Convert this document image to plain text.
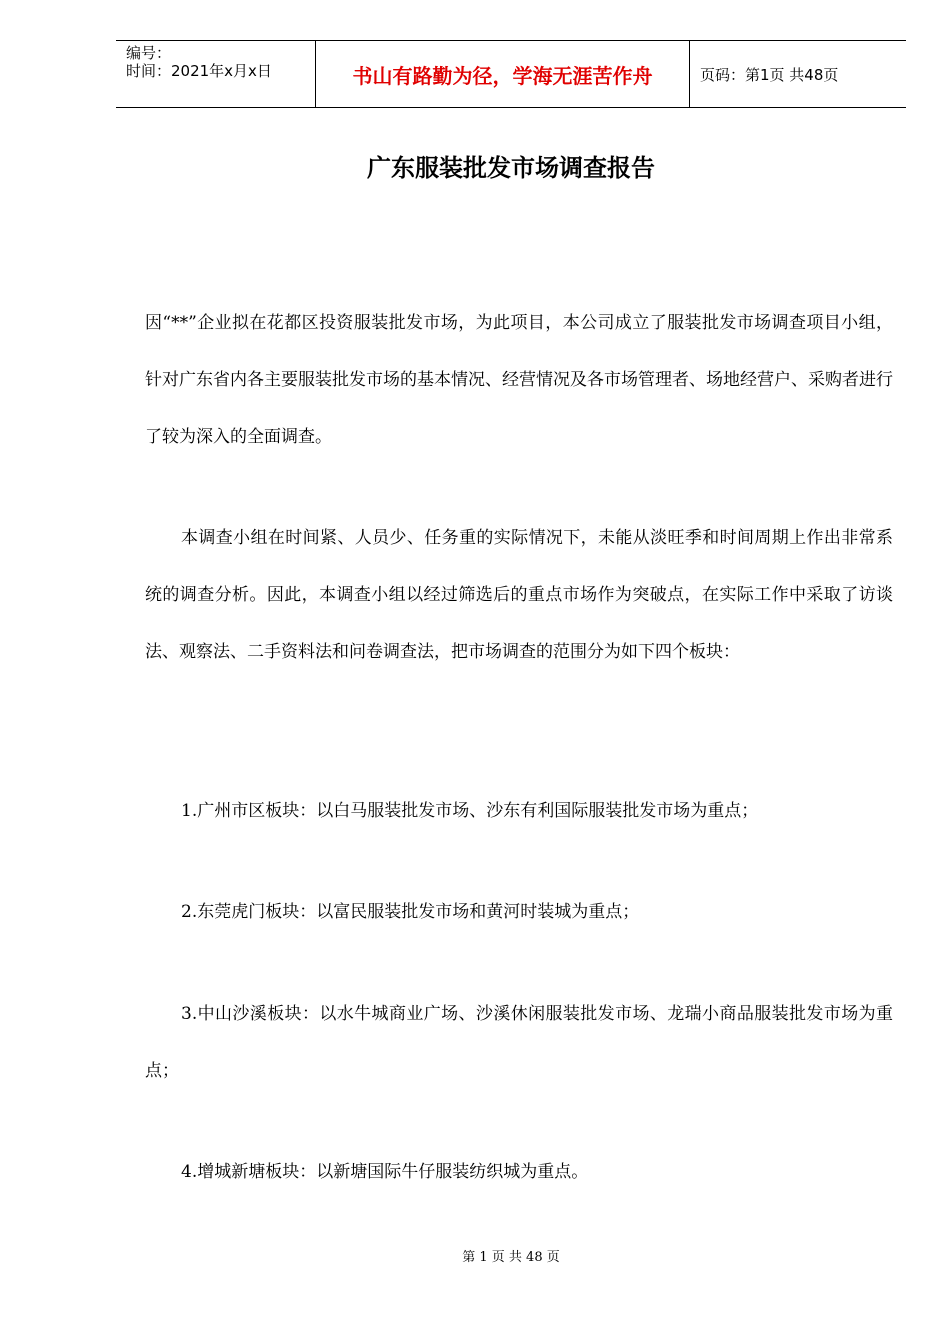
编号：
时间：2021年x月x日	书山有路勤为径，学海无涯苦作舟	页码：第1页 共48页
广东服装批发市场调查报告

因“**”企业拟在花都区投资服装批发市场，为此项目，本公司成立了服装批发市场调查项目小组，针对广东省内各主要服装批发市场的基本情况、经营情况及各市场管理者、场地经营户、采购者进行了较为深入的全面调查。

本调查小组在时间紧、人员少、任务重的实际情况下，未能从淡旺季和时间周期上作出非常系统的调查分析。因此，本调查小组以经过筛选后的重点市场作为突破点，在实际工作中采取了访谈法、观察法、二手资料法和问卷调查法，把市场调查的范围分为如下四个板块：

1.广州市区板块：以白马服装批发市场、沙东有利国际服装批发市场为重点；

2.东莞虎门板块：以富民服装批发市场和黄河时装城为重点；

3.中山沙溪板块：以水牛城商业广场、沙溪休闲服装批发市场、龙瑞小商品服装批发市场为重点；

4.增城新塘板块：以新塘国际牛仔服装纺织城为重点。

第 1 页 共 48 页
